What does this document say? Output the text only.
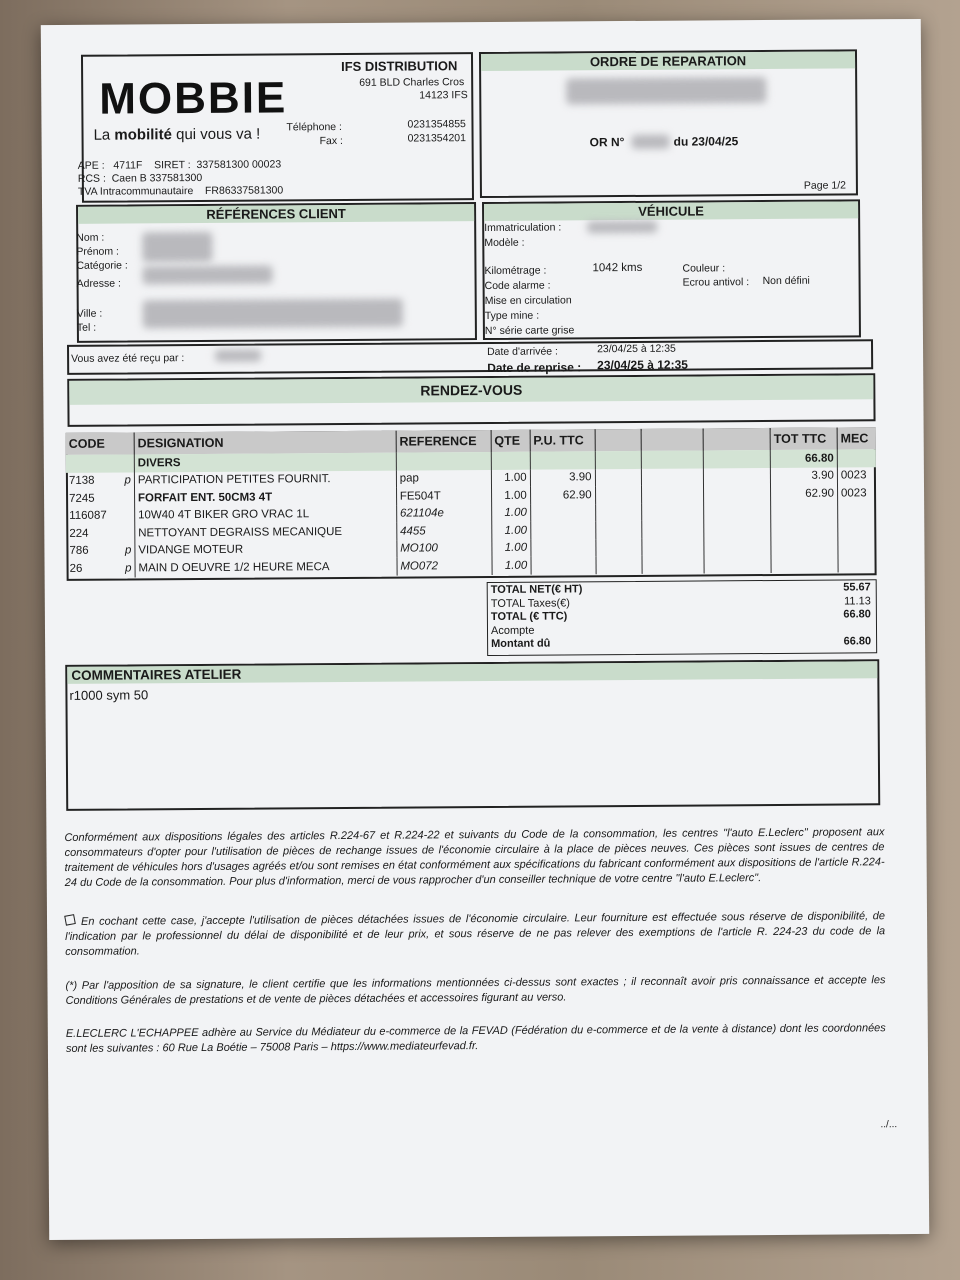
MOBBIE
La mobilité qui vous va !
IFS DISTRIBUTION
691 BLD Charles Cros
14123 IFS
Téléphone :	0231354855
Fax :	0231354201
APE : 4711F SIRET : 337581300 00023
RCS : Caen B 337581300
TVA Intracommunautaire FR86337581300
ORDRE DE REPARATION
OR N°	du 23/04/25
Page 1/2
RÉFÉRENCES CLIENT
Nom :
Prénom :
Catégorie :
Adresse :
Ville :
Tel :
VÉHICULE
Immatriculation :
Modèle :
Kilométrage :	1042 kms	Couleur :
Code alarme :	Ecrou antivol : Non défini
Mise en circulation
Type mine :
N° série carte grise
Vous avez été reçu par :
Date d'arrivée :	23/04/25 à 12:35
Date de reprise : 23/04/25 à 12:35
RENDEZ-VOUS
CODE	DESIGNATION	REFERENCE	QTE	P.U. TTC				TOT TTC	MEC
	DIVERS							66.80	
7138 p	PARTICIPATION PETITES FOURNIT.	pap	1.00	3.90				3.90	0023
7245	FORFAIT ENT. 50CM3 4T	FE504T	1.00	62.90				62.90	0023
116087	10W40 4T BIKER GRO VRAC 1L	621104e	1.00						
224	NETTOYANT DEGRAISS MECANIQUE	4455	1.00						
786 p	VIDANGE MOTEUR	MO100	1.00						
26 p	MAIN D OEUVRE 1/2 HEURE MECA	MO072	1.00						
TOTAL NET(€ HT)	55.67
TOTAL Taxes(€)	11.13
TOTAL (€ TTC)	66.80
Acompte
Montant dû	66.80
COMMENTAIRES ATELIER
r1000 sym 50
Conformément aux dispositions légales des articles R.224-67 et R.224-22 et suivants du Code de la consommation, les centres "l'auto E.Leclerc" proposent aux consommateurs d'opter pour l'utilisation de pièces de rechange issues de l'économie circulaire à la place de pièces neuves. Ces pièces sont issues de centres de traitement de véhicules hors d'usages agréés et/ou sont remises en état conformément aux spécifications du fabricant conformément aux dispositions de l'article R.224-24 du Code de la consommation. Pour plus d'information, merci de vous rapprocher d'un conseiller technique de votre centre "l'auto E.Leclerc".
En cochant cette case, j'accepte l'utilisation de pièces détachées issues de l'économie circulaire. Leur fourniture est effectuée sous réserve de disponibilité, de l'indication par le professionnel du délai de disponibilité et de leur prix, et sous réserve de ne pas relever des exemptions de l'article R. 224-23 du code de la consommation.
(*) Par l'apposition de sa signature, le client certifie que les informations mentionnées ci-dessus sont exactes ; il reconnaît avoir pris connaissance et accepte les Conditions Générales de prestations et de vente de pièces détachées et accessoires figurant au verso.
E.LECLERC L'ECHAPPEE adhère au Service du Médiateur du e-commerce de la FEVAD (Fédération du e-commerce et de la vente à distance) dont les coordonnées sont les suivantes : 60 Rue La Boétie – 75008 Paris – https://www.mediateurfevad.fr.
../...
